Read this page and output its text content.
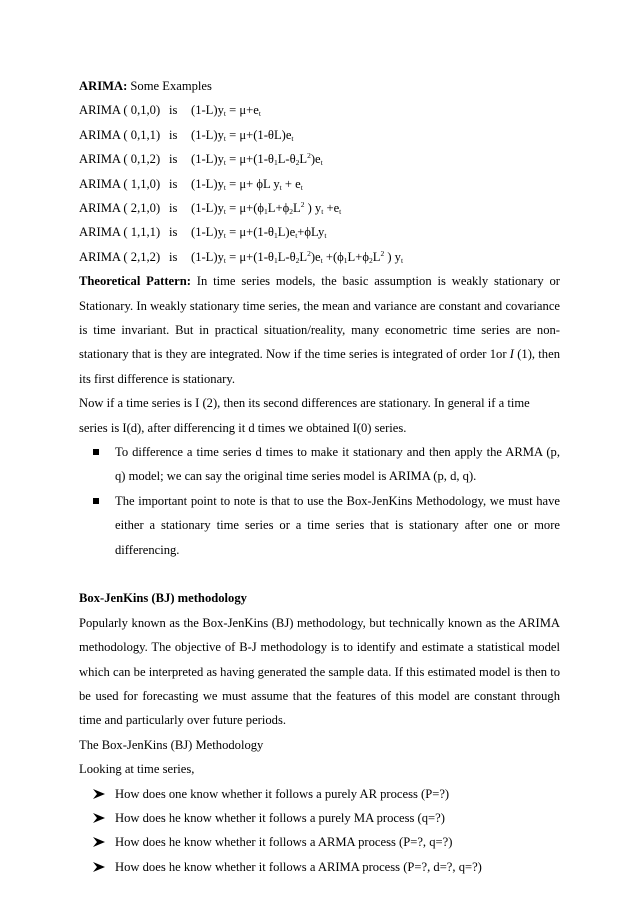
ARIMA: Some Examples
ARIMA ( 0,1,0) is $(1-L)y_t = \mu+e_t$
ARIMA ( 0,1,1) is $(1-L)y_t = \mu+(1-\theta L)e_t$
ARIMA ( 0,1,2) is $(1-L)y_t = \mu+(1-\theta_1L-\theta_2L^2)e_t$
ARIMA ( 1,1,0) is $(1-L)y_t = \mu+ \phi L$ $y_t + e_t$
ARIMA ( 2,1,0) is $(1-L)y_t = \mu+(\phi_1L+\phi_2L^2$ ) $y_t +e_t$
ARIMA ( 1,1,1) is $(1-L)y_t = \mu+(1-\theta_1L)e_t+\phi Ly_t$
ARIMA ( 2,1,2) is $(1-L)y_t = \mu+(1-\theta_1L-\theta_2L^2)e_t +(\phi_1L+\phi_2L^2$ ) $y_t$

Theoretical Pattern: In time series models, the basic assumption is weakly stationary or Stationary. In weakly stationary time series, the mean and variance are constant and covariance is time invariant. But in practical situation/reality, many econometric time series are non-stationary that is they are integrated. Now if the time series is integrated of order 1or I (1), then its first difference is stationary.

Now if a time series is I (2), then its second differences are stationary. In general if a time
series is I(d), after differencing it d times we obtained I(0) series.
To difference a time series d times to make it stationary and then apply the ARMA (p, q) model; we can say the original time series model is ARIMA (p, d, q).
The important point to note is that to use the Box-JenKins Methodology, we must have either a stationary time series or a time series that is stationary after one or more differencing.
Box-JenKins (BJ) methodology

Popularly known as the Box-JenKins (BJ) methodology, but technically known as the ARIMA methodology. The objective of B-J methodology is to identify and estimate a statistical model which can be interpreted as having generated the sample data. If this estimated model is then to be used for forecasting we must assume that the features of this model are constant through time and particularly over future periods.

The Box-JenKins (BJ) Methodology
Looking at time series,
How does one know whether it follows a purely AR process (P=?)
How does he know whether it follows a purely MA process (q=?)
How does he know whether it follows a ARMA process (P=?, q=?)
How does he know whether it follows a ARIMA process (P=?, d=?, q=?)
